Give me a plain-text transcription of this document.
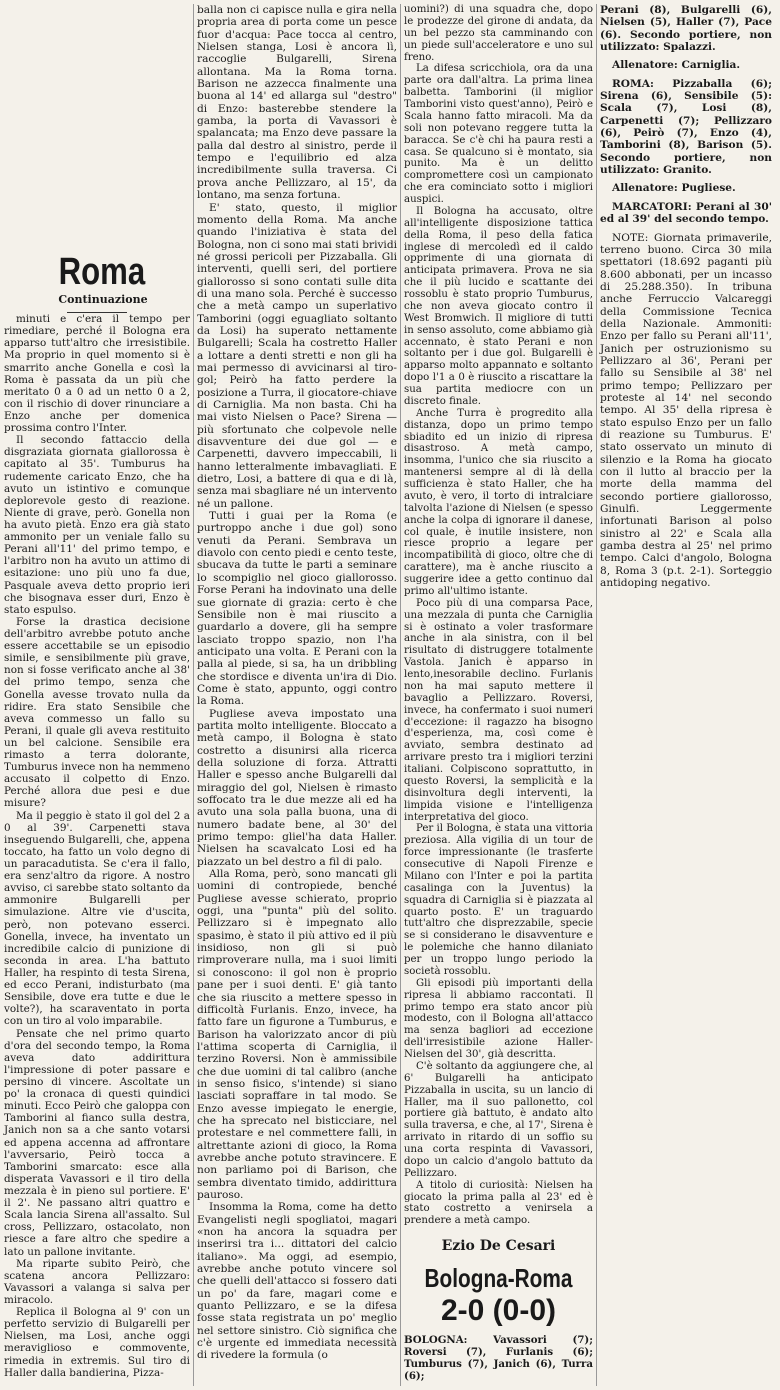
Roma

Continuazione

minuti e c'era il tempo per rimediare, perché il Bologna era apparso tutt'altro che irresistibile. Ma proprio in quel momento si è smarrito anche Gonella e così la Roma è passata da un più che meritato 0 a 0 ad un netto 0 a 2, con il rischio di dover rinunciare a Enzo anche per domenica prossima contro l'Inter.

Il secondo fattaccio della disgraziata giornata giallorossa è capitato al 35'. Tumburus ha rudemente caricato Enzo, che ha avuto un istintivo e comunque deplorevole gesto di reazione. Niente di grave, però. Gonella non ha avuto pietà. Enzo era già stato ammonito per un veniale fallo su Perani all'11' del primo tempo, e l'arbitro non ha avuto un attimo di esitazione: uno più uno fa due, Pasquale aveva detto proprio ieri che bisognava esser duri, Enzo è stato espulso.

Forse la drastica decisione dell'arbitro avrebbe potuto anche essere accettabile se un episodio simile, e sensibilmente più grave, non si fosse verificato anche al 38' del primo tempo, senza che Gonella avesse trovato nulla da ridire. Era stato Sensibile che aveva commesso un fallo su Perani, il quale gli aveva restituito un bel calcione. Sensibile era rimasto a terra dolorante, Tumburus invece non ha nemmeno accusato il colpetto di Enzo. Perché allora due pesi e due misure?

Ma il peggio è stato il gol del 2 a 0 al 39'. Carpenetti stava inseguendo Bulgarelli, che, appena toccato, ha fatto un volo degno di un paracadutista. Se c'era il fallo, era senz'altro da rigore. A nostro avviso, ci sarebbe stato soltanto da ammonire Bulgarelli per simulazione. Altre vie d'uscita, però, non potevano esserci. Gonella, invece, ha inventato un incredibile calcio di punizione di seconda in area. L'ha battuto Haller, ha respinto di testa Sirena, ed ecco Perani, indisturbato (ma Sensibile, dove era tutte e due le volte?), ha scaraventato in porta con un tiro al volo imparabile.

Pensate che nel primo quarto d'ora del secondo tempo, la Roma aveva dato addirittura l'impressione di poter passare e persino di vincere. Ascoltate un po' la cronaca di questi quindici minuti. Ecco Peirò che galoppa con Tamborini al fianco sulla destra, Janich non sa a che santo votarsi ed appena accenna ad affrontare l'avversario, Peirò tocca a Tamborini smarcato: esce alla disperata Vavassori e il tiro della mezzala è in pieno sul portiere. E' il 2'. Ne passano altri quattro e Scala lancia Sirena all'assalto. Sul cross, Pellizzaro, ostacolato, non riesce a fare altro che spedire a lato un pallone invitante.

Ma riparte subito Peirò, che scatena ancora Pellizzaro: Vavassori a valanga si salva per miracolo.

Replica il Bologna al 9' con un perfetto servizio di Bulgarelli per Nielsen, ma Losi, anche oggi meraviglioso e commovente, rimedia in extremis. Sul tiro di Haller dalla bandierina, Pizza-

balla non ci capisce nulla e gira nella propria area di porta come un pesce fuor d'acqua: Pace tocca al centro, Nielsen stanga, Losi è ancora lì, raccoglie Bulgarelli, Sirena allontana. Ma la Roma torna. Barison ne azzecca finalmente una buona al 14' ed allarga sul "destro" di Enzo: basterebbe stendere la gamba, la porta di Vavassori è spalancata; ma Enzo deve passare la palla dal destro al sinistro, perde il tempo e l'equilibrio ed alza incredibilmente sulla traversa. Ci prova anche Pellizzaro, al 15', da lontano, ma senza fortuna.

E' stato, questo, il miglior momento della Roma. Ma anche quando l'iniziativa è stata del Bologna, non ci sono mai stati brividi né grossi pericoli per Pizzaballa. Gli interventi, quelli seri, del portiere giallorosso si sono contati sulle dita di una mano sola. Perché è successo che a metà campo un superlativo Tamborini (oggi eguagliato soltanto da Losi) ha superato nettamente Bulgarelli; Scala ha costretto Haller a lottare a denti stretti e non gli ha mai permesso di avvicinarsi al tiro-gol; Peirò ha fatto perdere la posizione a Turra, il giocatore-chiave di Carniglia. Ma non basta. Chi ha mai visto Nielsen o Pace? Sirena — più sfortunato che colpevole nelle disavventure dei due gol — e Carpenetti, davvero impeccabili, li hanno letteralmente imbavagliati. E dietro, Losi, a battere di qua e di là, senza mai sbagliare né un intervento né un pallone.

Tutti i guai per la Roma (e purtroppo anche i due gol) sono venuti da Perani. Sembrava un diavolo con cento piedi e cento teste, sbucava da tutte le parti a seminare lo scompiglio nel gioco giallorosso. Forse Perani ha indovinato una delle sue giornate di grazia: certo è che Sensibile non è mai riuscito a guardarlo a dovere, gli ha sempre lasciato troppo spazio, non l'ha anticipato una volta. E Perani con la palla al piede, si sa, ha un dribbling che stordisce e diventa un'ira di Dio. Come è stato, appunto, oggi contro la Roma.

Pugliese aveva impostato una partita molto intelligente. Bloccato a metà campo, il Bologna è stato costretto a disunirsi alla ricerca della soluzione di forza. Attratti Haller e spesso anche Bulgarelli dal miraggio del gol, Nielsen è rimasto soffocato tra le due mezze ali ed ha avuto una sola palla buona, una di numero badate bene, al 30' del primo tempo: gliel'ha data Haller. Nielsen ha scavalcato Losi ed ha piazzato un bel destro a fil di palo.

Alla Roma, però, sono mancati gli uomini di contropiede, benché Pugliese avesse schierato, proprio oggi, una "punta" più del solito. Pellizzaro si è impegnato allo spasimo, è stato il più attivo ed il più insidioso, non gli si può rimproverare nulla, ma i suoi limiti si conoscono: il gol non è proprio pane per i suoi denti. E' già tanto che sia riuscito a mettere spesso in difficoltà Furlanis. Enzo, invece, ha fatto fare un figurone a Tumburus, e Barison ha valorizzato ancor di più l'attima scoperta di Carniglia, il terzino Roversi. Non è ammissibile che due uomini di tal calibro (anche in senso fisico, s'intende) si siano lasciati sopraffare in tal modo. Se Enzo avesse impiegato le energie, che ha sprecato nel bisticciare, nel protestare e nel commettere falli, in altrettante azioni di gioco, la Roma avrebbe anche potuto stravincere. E non parliamo poi di Barison, che sembra diventato timido, addirittura pauroso.

Insomma la Roma, come ha detto Evangelisti negli spogliatoi, magari «non ha ancora la squadra per inserirsi tra i... dittatori del calcio italiano». Ma oggi, ad esempio, avrebbe anche potuto vincere sol che quelli dell'attacco si fossero dati un po' da fare, magari come e quanto Pellizzaro, e se la difesa fosse stata registrata un po' meglio nel settore sinistro. Ciò significa che c'è urgente ed immediata necessità di rivedere la formula (o

uomini?) di una squadra che, dopo le prodezze del girone di andata, da un bel pezzo sta camminando con un piede sull'acceleratore e uno sul freno.

La difesa scricchiola, ora da una parte ora dall'altra. La prima linea balbetta. Tamborini (il miglior Tamborini visto quest'anno), Peirò e Scala hanno fatto miracoli. Ma da soli non potevano reggere tutta la baracca. Se c'è chi ha paura resti a casa. Se qualcuno si è montato, sia punito. Ma è un delitto compromettere così un campionato che era cominciato sotto i migliori auspici.

Il Bologna ha accusato, oltre all'intelligente disposizione tattica della Roma, il peso della fatica inglese di mercoledì ed il caldo opprimente di una giornata di anticipata primavera. Prova ne sia che il più lucido e scattante dei rossoblu è stato proprio Tumburus, che non aveva giocato contro il West Bromwich. Il migliore di tutti in senso assoluto, come abbiamo già accennato, è stato Perani e non soltanto per i due gol. Bulgarelli è apparso molto appannato e soltanto dopo l'1 a 0 è riuscito a riscattare la sua partita mediocre con un discreto finale.

Anche Turra è progredito alla distanza, dopo un primo tempo sbiadito ed un inizio di ripresa disastroso. A metà campo, insomma, l'unico che sia riuscito a mantenersi sempre al di là della sufficienza è stato Haller, che ha avuto, è vero, il torto di intralciare talvolta l'azione di Nielsen (e spesso anche la colpa di ignorare il danese, col quale, è inutile insistere, non riesce proprio a legare per incompatibilità di gioco, oltre che di carattere), ma è anche riuscito a suggerire idee a getto continuo dal primo all'ultimo istante.

Poco più di una comparsa Pace, una mezzala di punta che Carniglia si è ostinato a voler trasformare anche in ala sinistra, con il bel risultato di distruggere totalmente Vastola. Janich è apparso in lento,inesorabile declino. Furlanis non ha mai saputo mettere il bavaglio a Pellizzaro. Roversi, invece, ha confermato i suoi numeri d'eccezione: il ragazzo ha bisogno d'esperienza, ma, così come è avviato, sembra destinato ad arrivare presto tra i migliori terzini italiani. Colpiscono soprattutto, in questo Roversi, la semplicità e la disinvoltura degli interventi, la limpida visione e l'intelligenza interpretativa del gioco.

Per il Bologna, è stata una vittoria preziosa. Alla vigilia di un tour de force impressionante (le trasferte consecutive di Napoli Firenze e Milano con l'Inter e poi la partita casalinga con la Juventus) la squadra di Carniglia si è piazzata al quarto posto. E' un traguardo tutt'altro che disprezzabile, specie se si considerano le disavventure e le polemiche che hanno dilaniato per un troppo lungo periodo la società rossoblu.

Gli episodi più importanti della ripresa li abbiamo raccontati. Il primo tempo era stato ancor più modesto, con il Bologna all'attacco ma senza bagliori ad eccezione dell'irresistibile azione Haller-Nielsen del 30', già descritta.

C'è soltanto da aggiungere che, al 6' Bulgarelli ha anticipato Pizzaballa in uscita, su un lancio di Haller, ma il suo pallonetto, col portiere già battuto, è andato alto sulla traversa, e che, al 17', Sirena è arrivato in ritardo di un soffio su una corta respinta di Vavassori, dopo un calcio d'angolo battuto da Pellizzaro.

A titolo di curiosità: Nielsen ha giocato la prima palla al 23' ed è stato costretto a venirsela a prendere a metà campo.

Ezio De Cesari
Bologna-Roma
2-0 (0-0)

BOLOGNA: Vavassori (7); Roversi (7), Furlanis (6); Tumburus (7), Janich (6), Turra (6);

Perani (8), Bulgarelli (6), Nielsen (5), Haller (7), Pace (6). Secondo portiere, non utilizzato: Spalazzi.

Allenatore: Carniglia.

ROMA: Pizzaballa (6); Sirena (6), Sensibile (5): Scala (7), Losi (8), Carpenetti (7); Pellizzaro (6), Peirò (7), Enzo (4), Tamborini (8), Barison (5). Secondo portiere, non utilizzato: Granito.

Allenatore: Pugliese.

MARCATORI: Perani al 30' ed al 39' del secondo tempo.

NOTE: Giornata primaverile, terreno buono. Circa 30 mila spettatori (18.692 paganti più 8.600 abbonati, per un incasso di 25.288.350). In tribuna anche Ferruccio Valcareggi della Commissione Tecnica della Nazionale. Ammoniti: Enzo per fallo su Perani all'11', Janich per ostruzionismo su Pellizzaro al 36', Perani per fallo su Sensibile al 38' nel primo tempo; Pellizzaro per proteste al 14' nel secondo tempo. Al 35' della ripresa è stato espulso Enzo per un fallo di reazione su Tumburus. E' stato osservato un minuto di silenzio e la Roma ha giocato con il lutto al braccio per la morte della mamma del secondo portiere giallorosso, Ginulfi. Leggermente infortunati Barison al polso sinistro al 22' e Scala alla gamba destra al 25' nel primo tempo. Calci d'angolo, Bologna 8, Roma 3 (p.t. 2-1). Sorteggio antidoping negativo.
